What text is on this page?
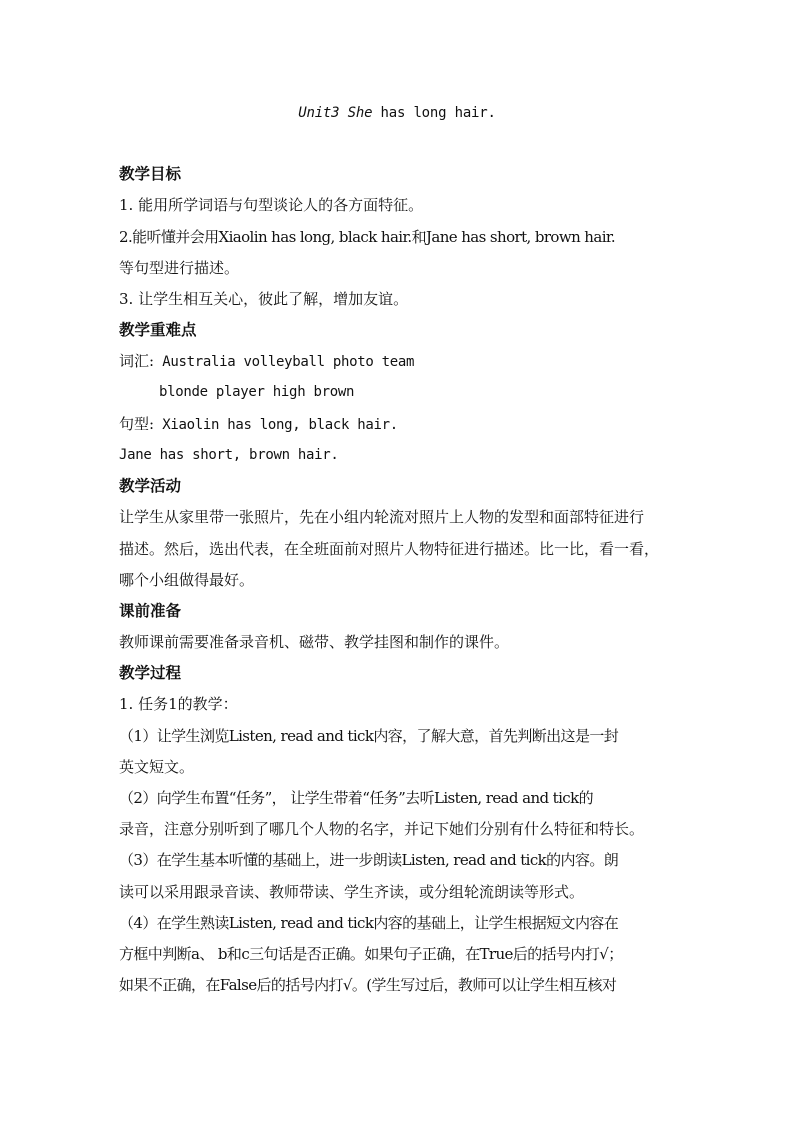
Unit3 She has long hair.
教学目标
1. 能用所学词语与句型谈论人的各方面特征。
2.能听懂并会用Xiaolin has long, black hair.和Jane has short, brown hair.
等句型进行描述。
3. 让学生相互关心，彼此了解，增加友谊。
教学重难点
词汇: Australia volleyball photo team
blonde player high brown
句型: Xiaolin has long, black hair.
Jane has short, brown hair.
教学活动
让学生从家里带一张照片，先在小组内轮流对照片上人物的发型和面部特征进行
描述。然后，选出代表，在全班面前对照片人物特征进行描述。比一比，看一看，
哪个小组做得最好。
课前准备
教师课前需要准备录音机、磁带、教学挂图和制作的课件。
教学过程
1. 任务1的教学：
（1）让学生浏览Listen, read and tick内容，了解大意，首先判断出这是一封
英文短文。
（2）向学生布置“任务”， 让学生带着“任务”去听Listen, read and tick的
录音，注意分别听到了哪几个人物的名字，并记下她们分别有什么特征和特长。
（3）在学生基本听懂的基础上，进一步朗读Listen, read and tick的内容。朗
读可以采用跟录音读、教师带读、学生齐读，或分组轮流朗读等形式。
（4）在学生熟读Listen, read and tick内容的基础上，让学生根据短文内容在
方框中判断a、 b和c三句话是否正确。如果句子正确，在True后的括号内打√；
如果不正确，在False后的括号内打√。(学生写过后，教师可以让学生相互核对
